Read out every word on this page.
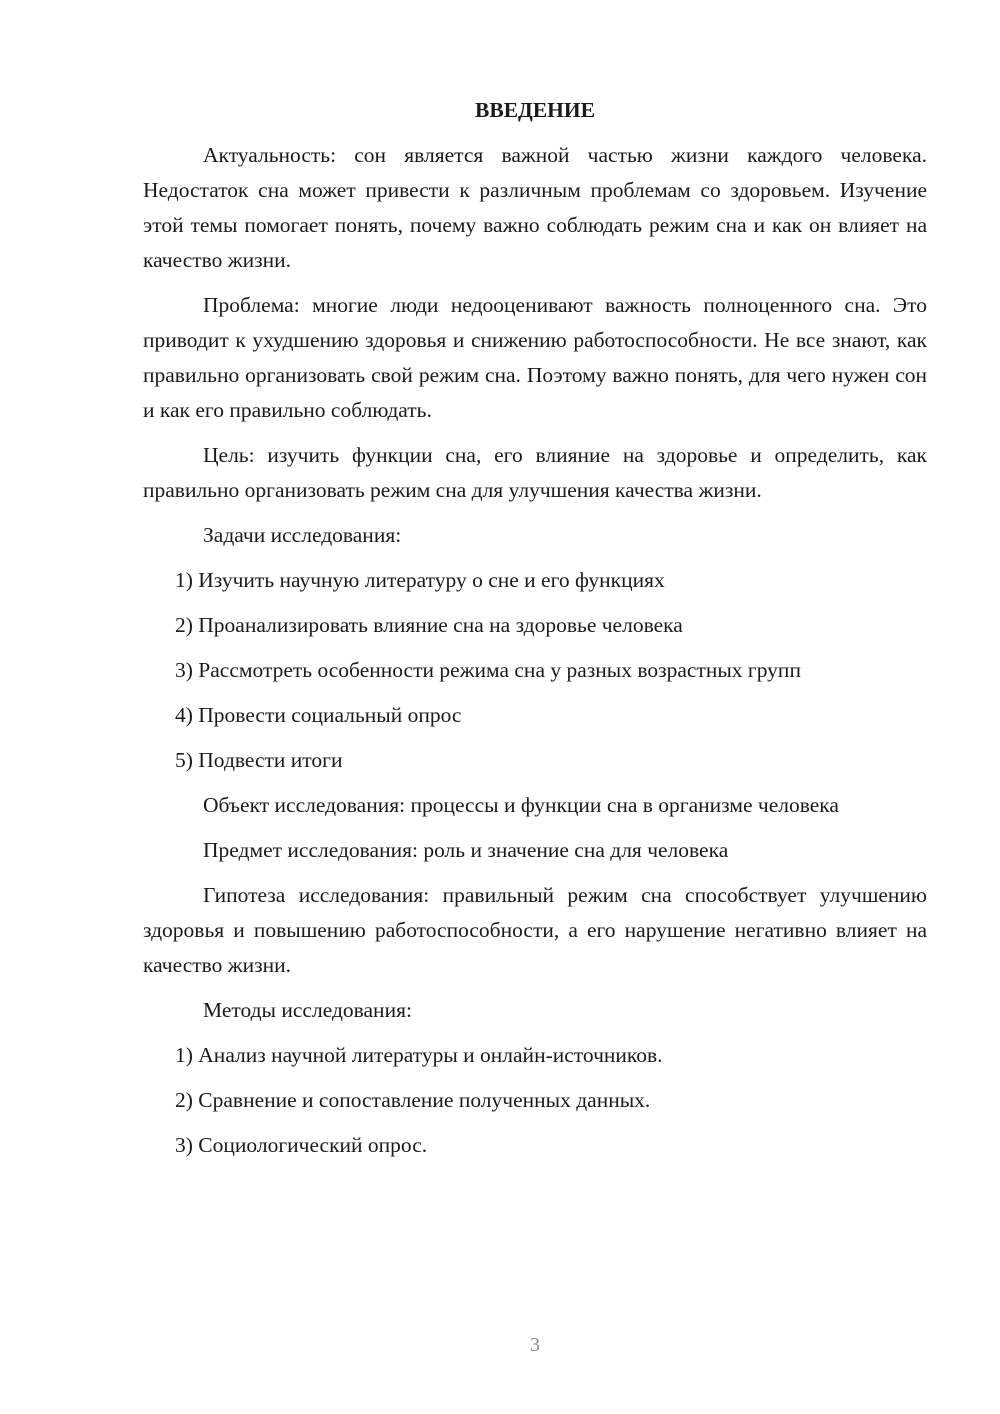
ВВЕДЕНИЕ

Актуальность: сон является важной частью жизни каждого человека. Недостаток сна может привести к различным проблемам со здоровьем. Изучение этой темы помогает понять, почему важно соблюдать режим сна и как он влияет на качество жизни.

Проблема: многие люди недооценивают важность полноценного сна. Это приводит к ухудшению здоровья и снижению работоспособности. Не все знают, как правильно организовать свой режим сна. Поэтому важно понять, для чего нужен сон и как его правильно соблюдать.

Цель: изучить функции сна, его влияние на здоровье и определить, как правильно организовать режим сна для улучшения качества жизни.

Задачи исследования:

1) Изучить научную литературу о сне и его функциях
2) Проанализировать влияние сна на здоровье человека
3) Рассмотреть особенности режима сна у разных возрастных групп
4) Провести социальный опрос
5) Подвести итоги

Объект исследования: процессы и функции сна в организме человека

Предмет исследования: роль и значение сна для человека

Гипотеза исследования: правильный режим сна способствует улучшению здоровья и повышению работоспособности, а его нарушение негативно влияет на качество жизни.

Методы исследования:

1) Анализ научной литературы и онлайн-источников.
2) Сравнение и сопоставление полученных данных.
3) Социологический опрос.
3
